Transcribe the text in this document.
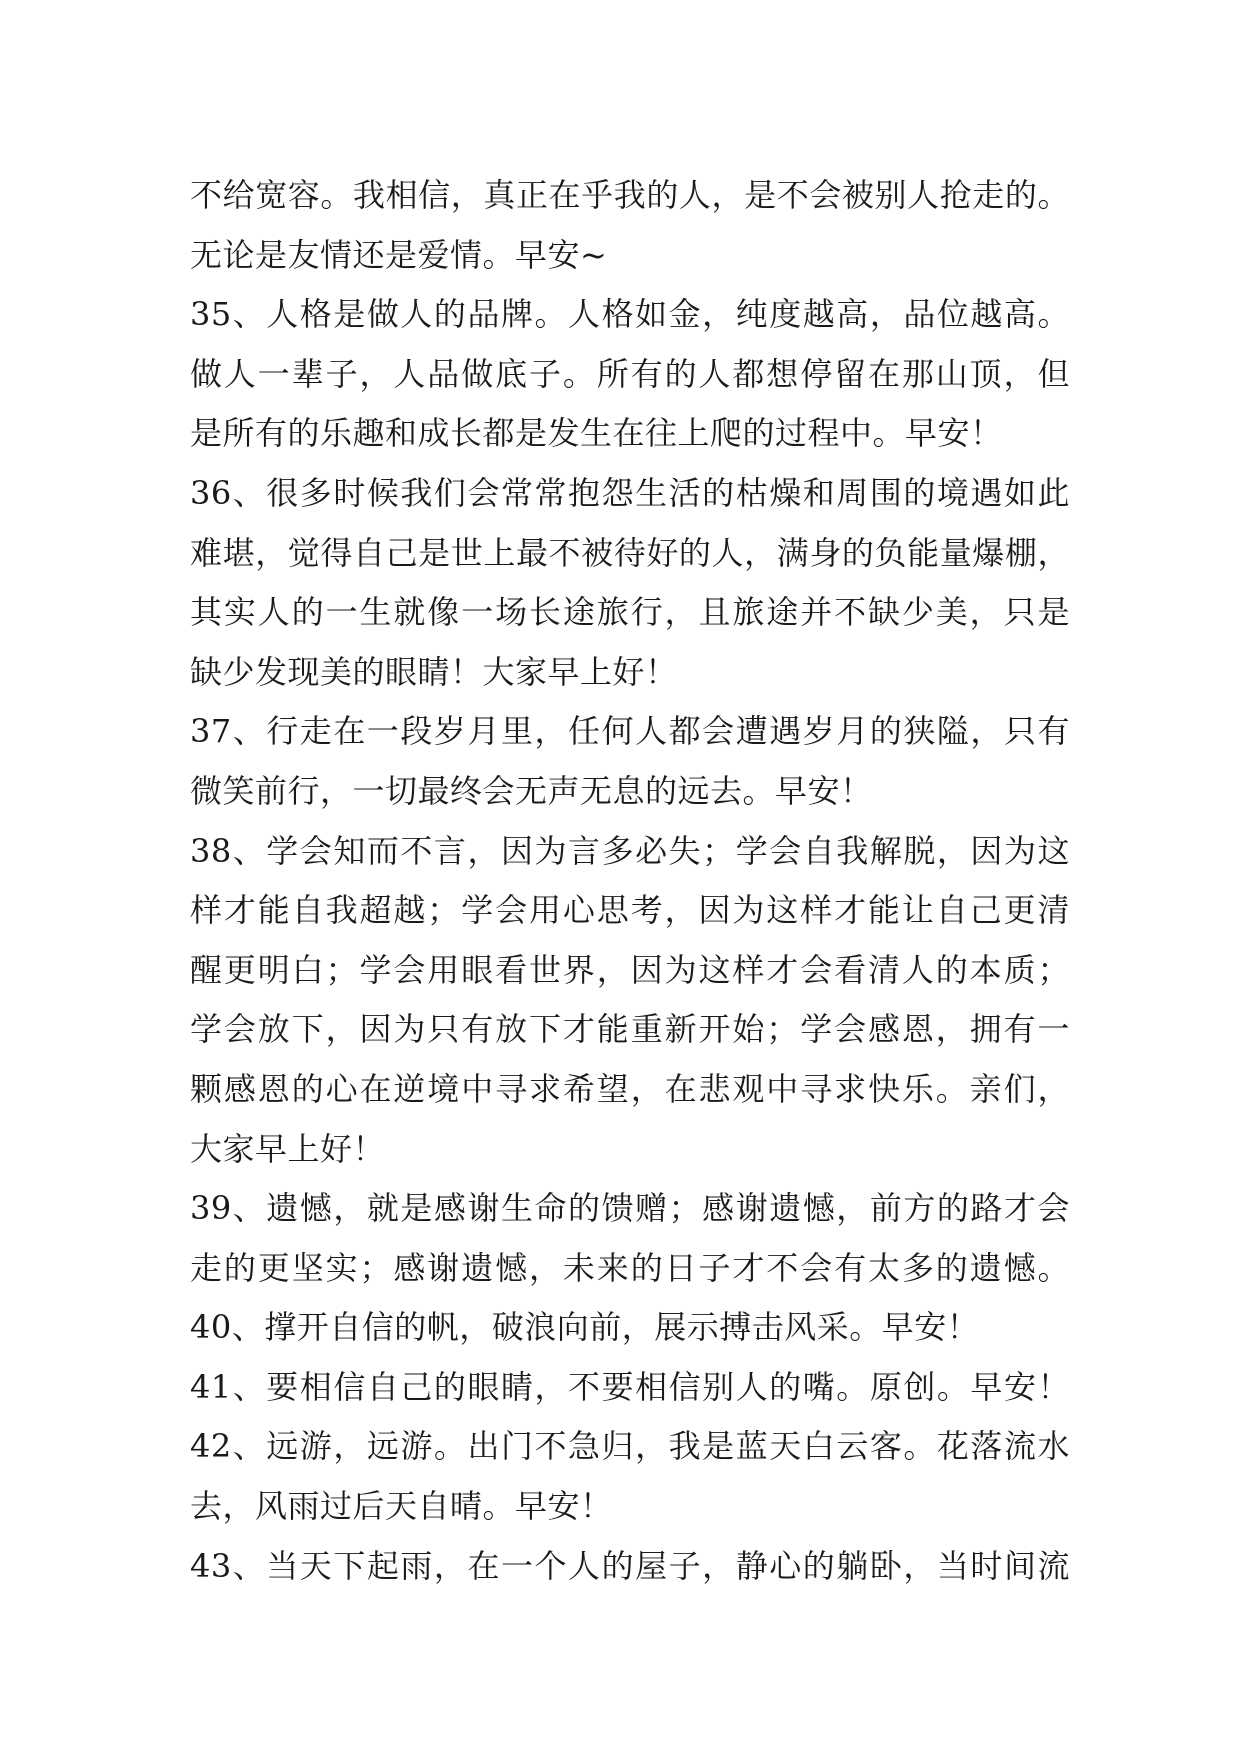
不给宽容。我相信，真正在乎我的人，是不会被别人抢走的。
无论是友情还是爱情。早安~
35、人格是做人的品牌。人格如金，纯度越高，品位越高。
做人一辈子，人品做底子。所有的人都想停留在那山顶，但
是所有的乐趣和成长都是发生在往上爬的过程中。早安！
36、很多时候我们会常常抱怨生活的枯燥和周围的境遇如此
难堪，觉得自己是世上最不被待好的人，满身的负能量爆棚，
其实人的一生就像一场长途旅行，且旅途并不缺少美，只是
缺少发现美的眼睛！大家早上好！
37、行走在一段岁月里，任何人都会遭遇岁月的狭隘，只有
微笑前行，一切最终会无声无息的远去。早安！
38、学会知而不言，因为言多必失；学会自我解脱，因为这
样才能自我超越；学会用心思考，因为这样才能让自己更清
醒更明白；学会用眼看世界，因为这样才会看清人的本质；
学会放下，因为只有放下才能重新开始；学会感恩，拥有一
颗感恩的心在逆境中寻求希望，在悲观中寻求快乐。亲们，
大家早上好！
39、遗憾，就是感谢生命的馈赠；感谢遗憾，前方的路才会
走的更坚实；感谢遗憾，未来的日子才不会有太多的遗憾。
40、撑开自信的帆，破浪向前，展示搏击风采。早安！
41、要相信自己的眼睛，不要相信别人的嘴。原创。早安！
42、远游，远游。出门不急归，我是蓝天白云客。花落流水
去，风雨过后天自晴。早安！
43、当天下起雨，在一个人的屋子，静心的躺卧，当时间流
